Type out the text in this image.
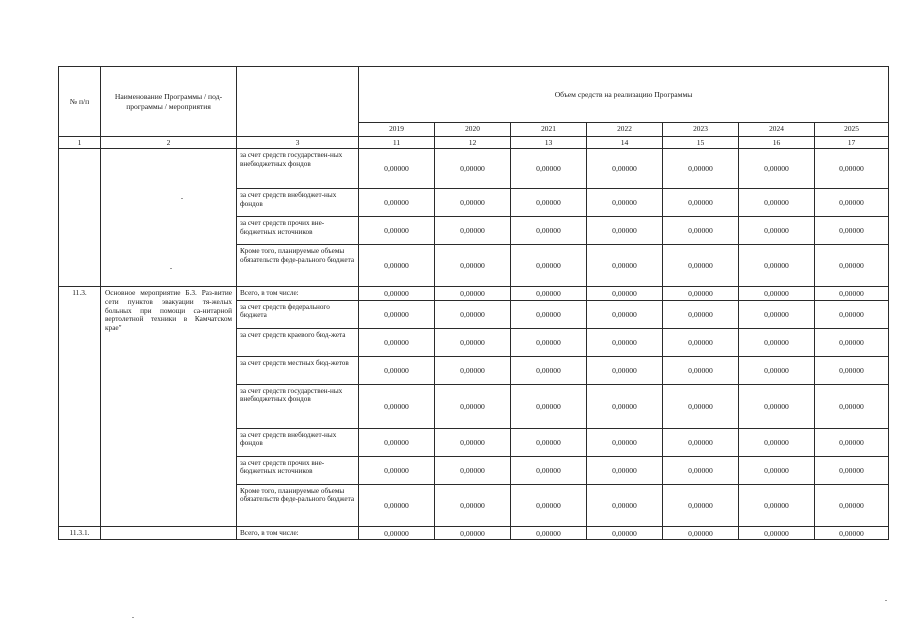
№ п/п	Наименование Программы / под-программы / мероприятия		Объем средств на реализацию Программы						
			2019	2020	2021	2022	2023	2024	2025
1	2	3	11	12	13	14	15	16	17
		за счет средств государствен-ных внебюджетных фондов	0,00000	0,00000	0,00000	0,00000	0,00000	0,00000	0,00000
		за счет средств внебюджет-ных фондов	0,00000	0,00000	0,00000	0,00000	0,00000	0,00000	0,00000
		за счет средств прочих вне-бюджетных источников	0,00000	0,00000	0,00000	0,00000	0,00000	0,00000	0,00000
		Кроме того, планируемые объемы обязательств феде-рального бюджета	0,00000	0,00000	0,00000	0,00000	0,00000	0,00000	0,00000
11.3.	Основное мероприятие Б.3. Раз-витие сети пунктов эвакуации тя-желых больных при помощи са-нитарной вертолетной техники в Камчатском крае"	Всего, в том числе:	0,00000	0,00000	0,00000	0,00000	0,00000	0,00000	0,00000
		за счет средств федерального бюджета	0,00000	0,00000	0,00000	0,00000	0,00000	0,00000	0,00000
		за счет средств краевого бюд-жета	0,00000	0,00000	0,00000	0,00000	0,00000	0,00000	0,00000
		за счет средств местных бюд-жетов	0,00000	0,00000	0,00000	0,00000	0,00000	0,00000	0,00000
		за счет средств государствен-ных внебюджетных фондов	0,00000	0,00000	0,00000	0,00000	0,00000	0,00000	0,00000
		за счет средств внебюджет-ных фондов	0,00000	0,00000	0,00000	0,00000	0,00000	0,00000	0,00000
		за счет средств прочих вне-бюджетных источников	0,00000	0,00000	0,00000	0,00000	0,00000	0,00000	0,00000
		Кроме того, планируемые объемы обязательств феде-рального бюджета	0,00000	0,00000	0,00000	0,00000	0,00000	0,00000	0,00000
11.3.1.		Всего, в том числе:	0,00000	0,00000	0,00000	0,00000	0,00000	0,00000	0,00000
